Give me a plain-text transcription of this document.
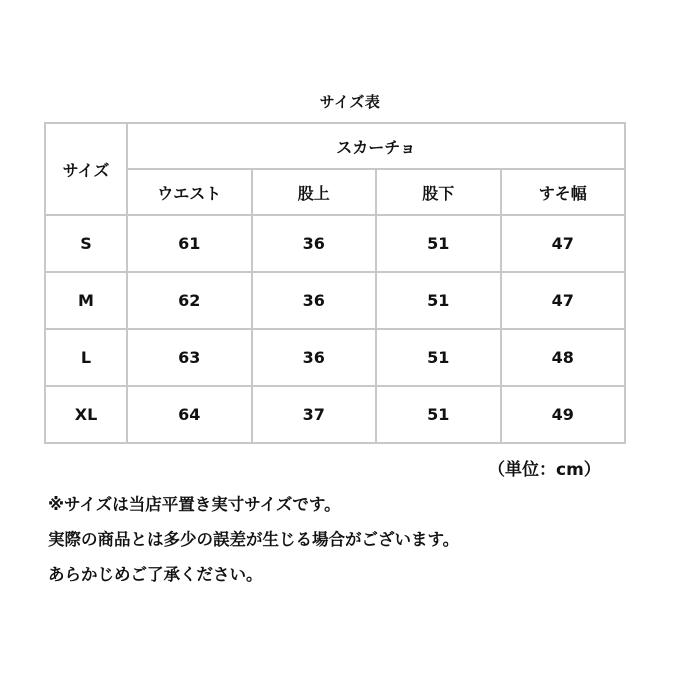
サイズ表
サイズ	スカーチョ			
	ウエスト	股上	股下	すそ幅
S	61	36	51	47
M	62	36	51	47
L	63	36	51	48
XL	64	37	51	49
（単位：cm）
※サイズは当店平置き実寸サイズです。
実際の商品とは多少の誤差が生じる場合がございます。
あらかじめご了承ください。
